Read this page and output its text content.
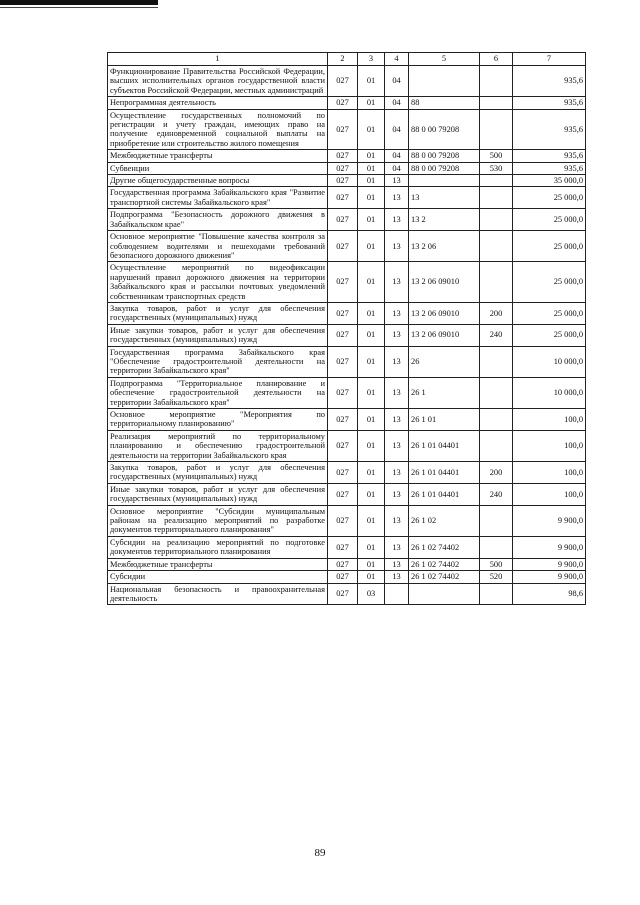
1	2	3	4	5	6	7
Функционирование Правительства Российской Федерации, высших исполнительных органов государственной власти субъектов Российской Федерации, местных администраций	027	01	04			935,6
Непрограммная деятельность	027	01	04	88		935,6
Осуществление государственных полномочий по регистрации и учету граждан, имеющих право на получение единовременной социальной выплаты на приобретение или строительство жилого помещения	027	01	04	88 0 00 79208		935,6
Межбюджетные трансферты	027	01	04	88 0 00 79208	500	935,6
Субвенции	027	01	04	88 0 00 79208	530	935,6
Другие общегосударственные вопросы	027	01	13			35 000,0
Государственная программа Забайкальского края "Развитие транспортной системы Забайкальского края"	027	01	13	13		25 000,0
Подпрограмма "Безопасность дорожного движения в Забайкальском крае"	027	01	13	13 2		25 000,0
Основное мероприятие "Повышение качества контроля за соблюдением водителями и пешеходами требований безопасного дорожного движения"	027	01	13	13 2 06		25 000,0
Осуществление мероприятий по видеофиксации нарушений правил дорожного движения на территории Забайкальского края и рассылки почтовых уведомлений собственникам транспортных средств	027	01	13	13 2 06 09010		25 000,0
Закупка товаров, работ и услуг для обеспечения государственных (муниципальных) нужд	027	01	13	13 2 06 09010	200	25 000,0
Иные закупки товаров, работ и услуг для обеспечения государственных (муниципальных) нужд	027	01	13	13 2 06 09010	240	25 000,0
Государственная программа Забайкальского края "Обеспечение градостроительной деятельности на территории Забайкальского края"	027	01	13	26		10 000,0
Подпрограмма "Территориальное планирование и обеспечение градостроительной деятельности на территории Забайкальского края"	027	01	13	26 1		10 000,0
Основное мероприятие "Мероприятия по территориальному планированию"	027	01	13	26 1 01		100,0
Реализация мероприятий по территориальному планированию и обеспечению градостроительной деятельности на территории Забайкальского края	027	01	13	26 1 01 04401		100,0
Закупка товаров, работ и услуг для обеспечения государственных (муниципальных) нужд	027	01	13	26 1 01 04401	200	100,0
Иные закупки товаров, работ и услуг для обеспечения государственных (муниципальных) нужд	027	01	13	26 1 01 04401	240	100,0
Основное мероприятие "Субсидии муниципальным районам на реализацию мероприятий по разработке документов территориального планирования"	027	01	13	26 1 02		9 900,0
Субсидии на реализацию мероприятий по подготовке документов территориального планирования	027	01	13	26 1 02 74402		9 900,0
Межбюджетные трансферты	027	01	13	26 1 02 74402	500	9 900,0
Субсидии	027	01	13	26 1 02 74402	520	9 900,0
Национальная безопасность и правоохранительная деятельность	027	03				98,6
89
